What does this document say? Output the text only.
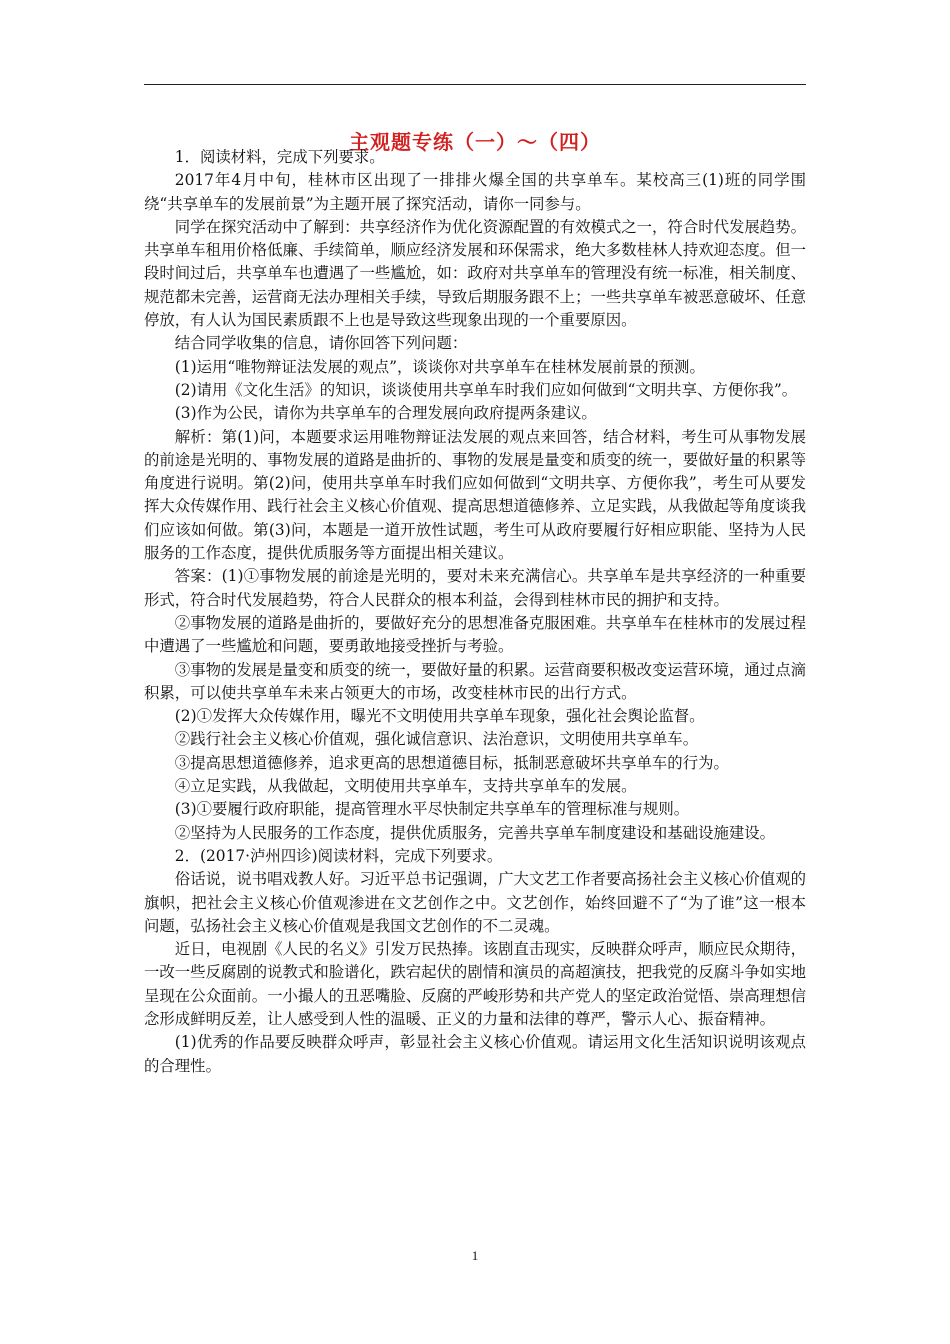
主观题专练（一）～（四）

1．阅读材料，完成下列要求。

2017年4月中旬，桂林市区出现了一排排火爆全国的共享单车。某校高三(1)班的同学围绕“共享单车的发展前景”为主题开展了探究活动，请你一同参与。

同学在探究活动中了解到：共享经济作为优化资源配置的有效模式之一，符合时代发展趋势。共享单车租用价格低廉、手续简单，顺应经济发展和环保需求，绝大多数桂林人持欢迎态度。但一段时间过后，共享单车也遭遇了一些尴尬，如：政府对共享单车的管理没有统一标准，相关制度、规范都未完善，运营商无法办理相关手续，导致后期服务跟不上；一些共享单车被恶意破坏、任意停放，有人认为国民素质跟不上也是导致这些现象出现的一个重要原因。

结合同学收集的信息，请你回答下列问题：

(1)运用“唯物辩证法发展的观点”，谈谈你对共享单车在桂林发展前景的预测。

(2)请用《文化生活》的知识，谈谈使用共享单车时我们应如何做到“文明共享、方便你我”。

(3)作为公民，请你为共享单车的合理发展向政府提两条建议。

解析：第(1)问，本题要求运用唯物辩证法发展的观点来回答，结合材料，考生可从事物发展的前途是光明的、事物发展的道路是曲折的、事物的发展是量变和质变的统一，要做好量的积累等角度进行说明。第(2)问，使用共享单车时我们应如何做到“文明共享、方便你我”，考生可从要发挥大众传媒作用、践行社会主义核心价值观、提高思想道德修养、立足实践，从我做起等角度谈我们应该如何做。第(3)问，本题是一道开放性试题，考生可从政府要履行好相应职能、坚持为人民服务的工作态度，提供优质服务等方面提出相关建议。

答案：(1)①事物发展的前途是光明的，要对未来充满信心。共享单车是共享经济的一种重要形式，符合时代发展趋势，符合人民群众的根本利益，会得到桂林市民的拥护和支持。

②事物发展的道路是曲折的，要做好充分的思想准备克服困难。共享单车在桂林市的发展过程中遭遇了一些尴尬和问题，要勇敢地接受挫折与考验。

③事物的发展是量变和质变的统一，要做好量的积累。运营商要积极改变运营环境，通过点滴积累，可以使共享单车未来占领更大的市场，改变桂林市民的出行方式。

(2)①发挥大众传媒作用，曝光不文明使用共享单车现象，强化社会舆论监督。

②践行社会主义核心价值观，强化诚信意识、法治意识，文明使用共享单车。

③提高思想道德修养，追求更高的思想道德目标，抵制恶意破坏共享单车的行为。

④立足实践，从我做起，文明使用共享单车，支持共享单车的发展。

(3)①要履行政府职能，提高管理水平尽快制定共享单车的管理标准与规则。

②坚持为人民服务的工作态度，提供优质服务，完善共享单车制度建设和基础设施建设。

2．(2017·泸州四诊)阅读材料，完成下列要求。

俗话说，说书唱戏教人好。习近平总书记强调，广大文艺工作者要高扬社会主义核心价值观的旗帜，把社会主义核心价值观渗进在文艺创作之中。文艺创作，始终回避不了“为了谁”这一根本问题，弘扬社会主义核心价值观是我国文艺创作的不二灵魂。

近日，电视剧《人民的名义》引发万民热捧。该剧直击现实，反映群众呼声，顺应民众期待，一改一些反腐剧的说教式和脸谱化，跌宕起伏的剧情和演员的高超演技，把我党的反腐斗争如实地呈现在公众面前。一小撮人的丑恶嘴脸、反腐的严峻形势和共产党人的坚定政治觉悟、崇高理想信念形成鲜明反差，让人感受到人性的温暖、正义的力量和法律的尊严，警示人心、振奋精神。

(1)优秀的作品要反映群众呼声，彰显社会主义核心价值观。请运用文化生活知识说明该观点的合理性。

1
